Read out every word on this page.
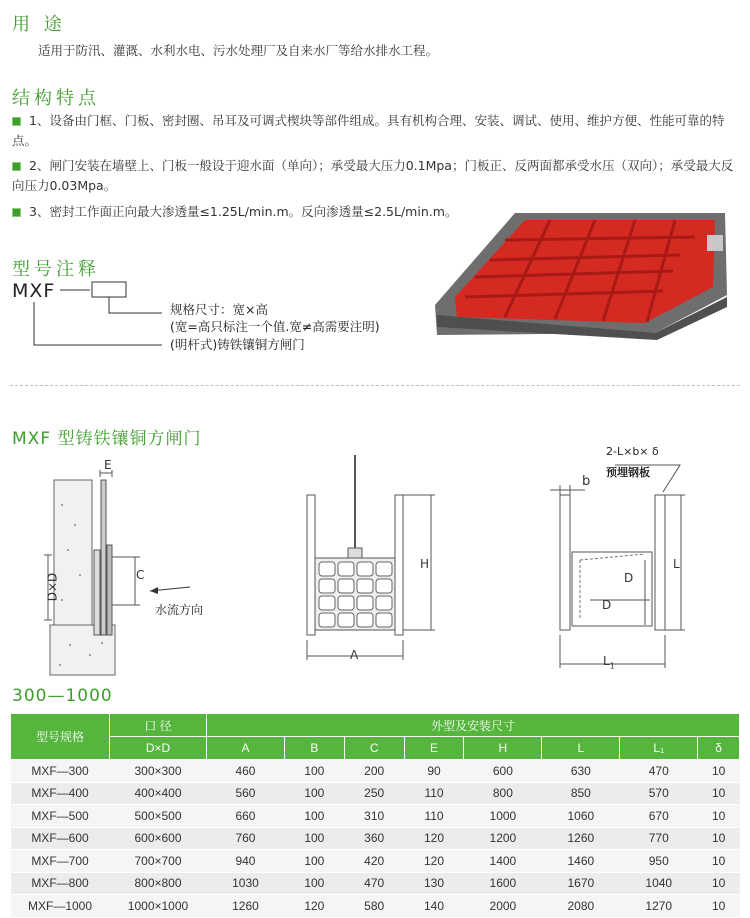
用 途
适用于防汛、灌溉、水利水电、污水处理厂及自来水厂等给水排水工程。
结构特点
1、设备由门框、门板、密封圈、吊耳及可调式楔块等部件组成。具有机构合理、安装、调试、使用、维护方便、性能可靠的特点。
2、闸门安装在墙壁上、门板一般设于迎水面（单向）；承受最大压力0.1Mpa；门板正、反两面都承受水压（双向）；承受最大反向压力0.03Mpa。
3、密封工作面正向最大渗透量≤1.25L/min.m。反向渗透量≤2.5L/min.m。
型号注释
MXF
规格尺寸：宽×高
(宽=高只标注一个值.宽≠高需要注明)
(明杆式)铸铁镶铜方闸门
MXF 型铸铁镶铜方闸门
E
C
D×D
水流方向
H
A
2-L×b× δ
预埋钢板
b
L
D
D
$L_1$
300—1000
型号规格	口 径	外型及安装尺寸							
	D×D	A	B	C	E	H	L	L₁	δ
MXF—300	300×300	460	100	200	90	600	630	470	10
MXF—400	400×400	560	100	250	110	800	850	570	10
MXF—500	500×500	660	100	310	110	1000	1060	670	10
MXF—600	600×600	760	100	360	120	1200	1260	770	10
MXF—700	700×700	940	100	420	120	1400	1460	950	10
MXF—800	800×800	1030	100	470	130	1600	1670	1040	10
MXF—1000	1000×1000	1260	120	580	140	2000	2080	1270	10
